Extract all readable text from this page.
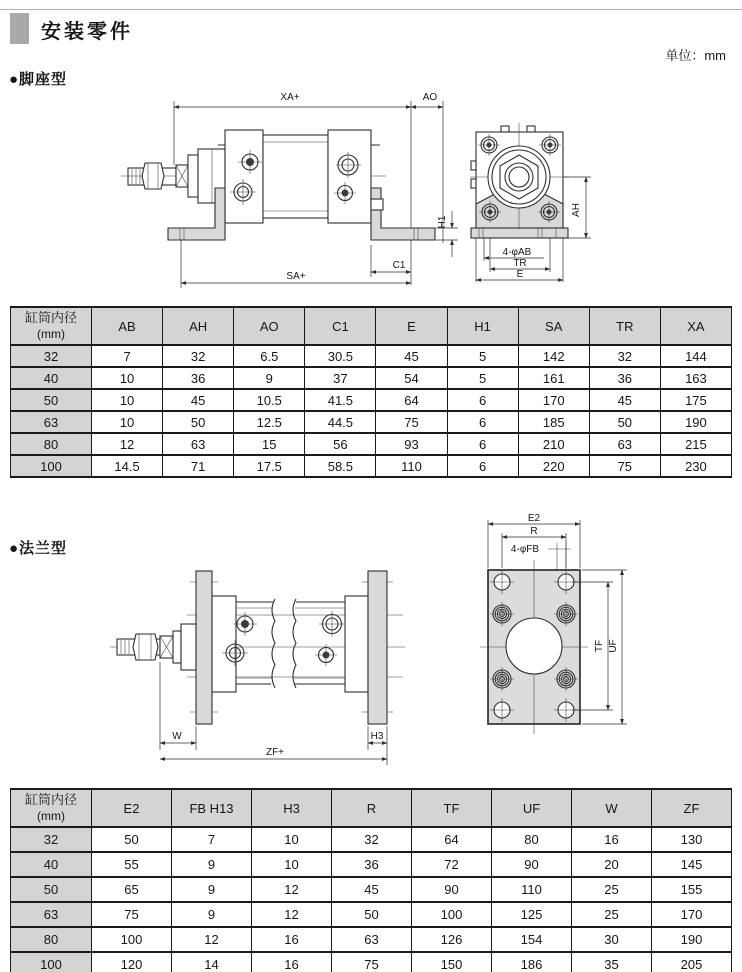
安装零件
单位：mm
●脚座型
XA+	AO
H1
C1
SA+
AH
4-φAB
TR
E
缸筒内径
(mm)	AB	AH	AO	C1	E	H1	SA	TR	XA
32	7	32	6.5	30.5	45	5	142	32	144
40	10	36	9	37	54	5	161	36	163
50	10	45	10.5	41.5	64	6	170	45	175
63	10	50	12.5	44.5	75	6	185	50	190
80	12	63	15	56	93	6	210	63	215
100	14.5	71	17.5	58.5	110	6	220	75	230
●法兰型
W	H3
ZF+
E2
R
4-φFB
TF UF
缸筒内径
(mm)	E2	FB H13	H3	R	TF	UF	W	ZF
32	50	7	10	32	64	80	16	130
40	55	9	10	36	72	90	20	145
50	65	9	12	45	90	110	25	155
63	75	9	12	50	100	125	25	170
80	100	12	16	63	126	154	30	190
100	120	14	16	75	150	186	35	205
